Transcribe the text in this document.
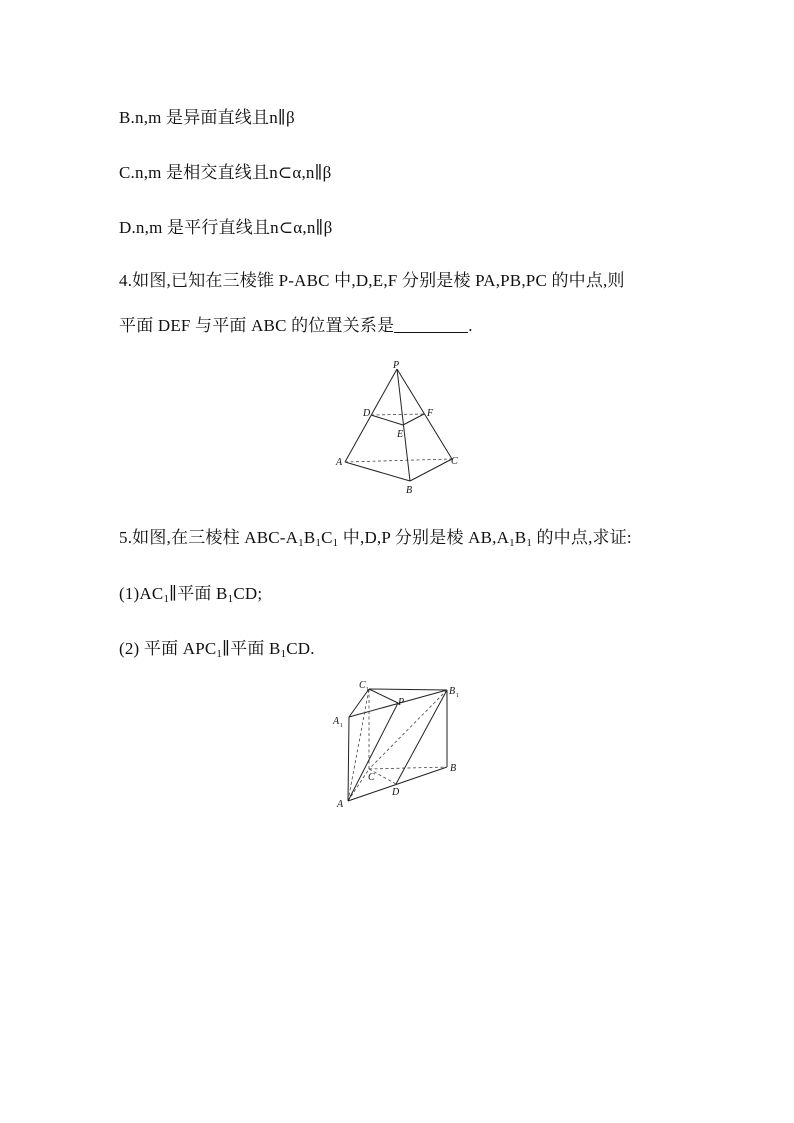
B.n,m 是异面直线且n∥β
C.n,m 是相交直线且n⊂α,n∥β
D.n,m 是平行直线且n⊂α,n∥β
4.如图,已知在三棱锥 P-ABC 中,D,E,F 分别是棱 PA,PB,PC 的中点,则
平面 DEF 与平面 ABC 的位置关系是	.
P
D	F
E
A	C
B
5.如图,在三棱柱 ABC-$A_1B_1C_1$ 中,D,P 分别是棱 $AB,A_1B_1$ 的中点,求证:
$(1)AC_1\parallel$平面 $B_1CD$;
(2) 平面 $APC_1\parallel$平面 $B_1CD$.
C 1
P
B 1
A 1
C
B
A
D
